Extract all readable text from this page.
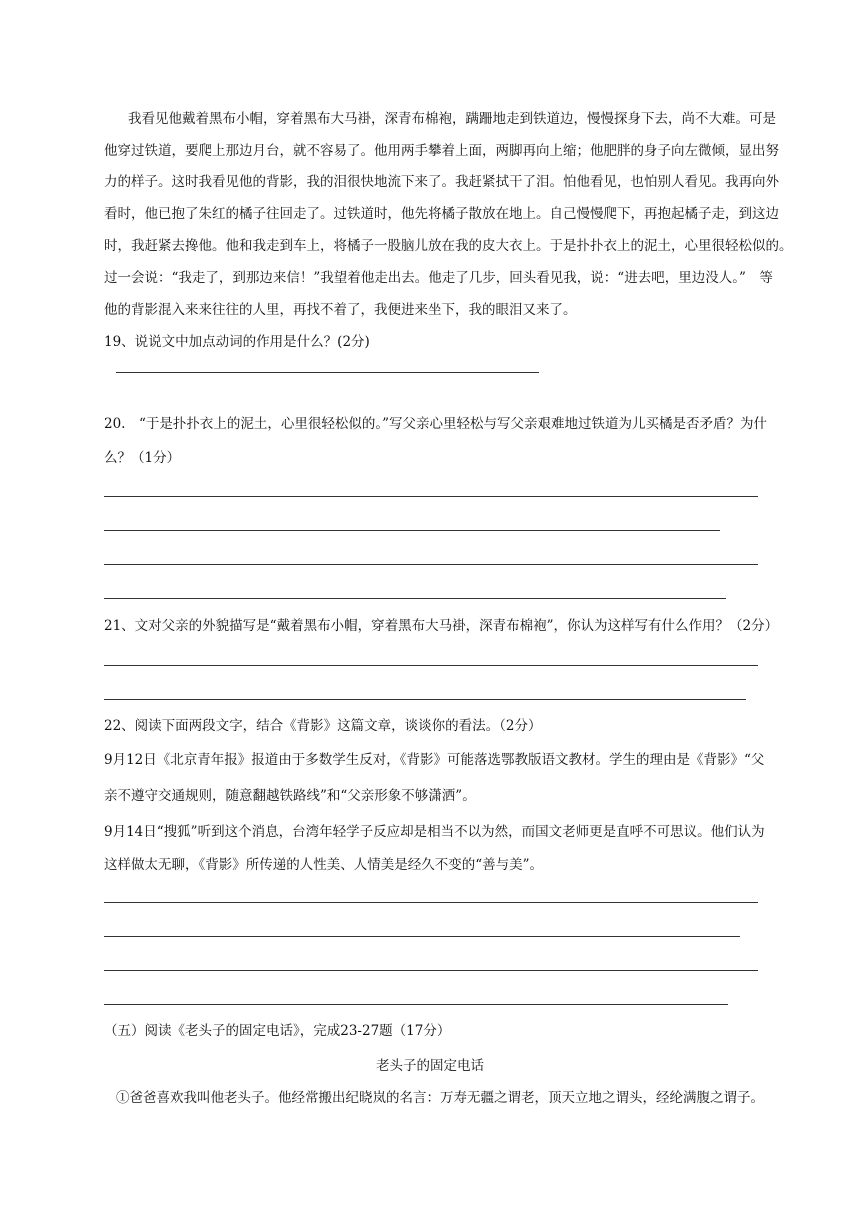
我看见他戴着黑布小帽，穿着黑布大马褂，深青布棉袍，蹒跚地走到铁道边，慢慢探身下去，尚不大难。可是
他穿过铁道，要爬上那边月台，就不容易了。他用两手攀着上面，两脚再向上缩；他肥胖的身子向左微倾，显出努
力的样子。这时我看见他的背影，我的泪很快地流下来了。我赶紧拭干了泪。怕他看见，也怕别人看见。我再向外
看时，他已抱了朱红的橘子往回走了。过铁道时，他先将橘子散放在地上。自己慢慢爬下，再抱起橘子走，到这边
时，我赶紧去搀他。他和我走到车上，将橘子一股脑儿放在我的皮大衣上。于是扑扑衣上的泥土，心里很轻松似的。
过一会说：“我走了，到那边来信！”我望着他走出去。他走了几步，回头看见我，说：“进去吧，里边没人。”　等
他的背影混入来来往往的人里，再找不着了，我便进来坐下，我的眼泪又来了。
19、说说文中加点动词的作用是什么？(2分)
20.　“于是扑扑衣上的泥土，心里很轻松似的。”写父亲心里轻松与写父亲艰难地过铁道为儿买橘是否矛盾？为什
么？（1分）
21、文对父亲的外貌描写是“戴着黑布小帽，穿着黑布大马褂，深青布棉袍”，你认为这样写有什么作用？（2分）
22、阅读下面两段文字，结合《背影》这篇文章，谈谈你的看法。（2分）
9月12日《北京青年报》报道由于多数学生反对，《背影》可能落选鄂教版语文教材。学生的理由是《背影》“父
亲不遵守交通规则，随意翻越铁路线”和“父亲形象不够潇洒”。
9月14日“搜狐”听到这个消息，台湾年轻学子反应却是相当不以为然，而国文老师更是直呼不可思议。他们认为
这样做太无聊，《背影》所传递的人性美、人情美是经久不变的“善与美”。
（五）阅读《老头子的固定电话》，完成23-27题（17分）
老头子的固定电话
①爸爸喜欢我叫他老头子。他经常搬出纪晓岚的名言：万寿无疆之谓老，顶天立地之谓头，经纶满腹之谓子。
